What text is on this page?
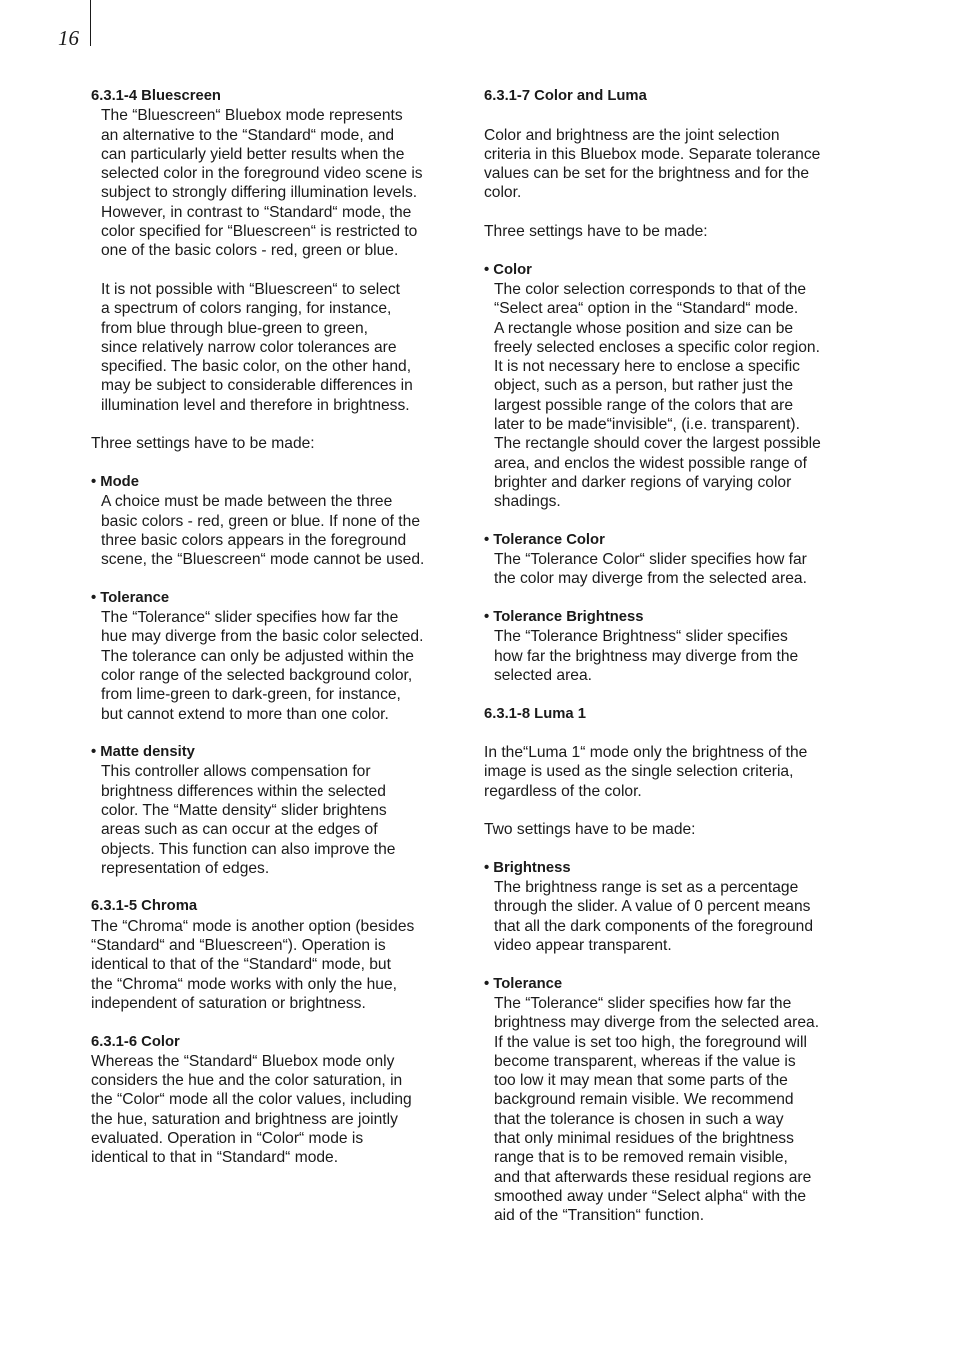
16
6.3.1-4 Bluescreen
The “Bluescreen“ Bluebox mode represents
an alternative to the “Standard“ mode, and
can particularly yield better results when the
selected color in the foreground video scene is
subject to strongly differing illumination levels.
However, in contrast to “Standard“ mode, the
color specified for “Bluescreen“ is restricted to
one of the basic colors - red, green or blue.
It is not possible with “Bluescreen“ to select
a spectrum of colors ranging, for instance,
from blue through blue-green to green,
since relatively narrow color tolerances are
specified. The basic color, on the other hand,
may be subject to considerable differences in
illumination level and therefore in brightness.

Three settings have to be made:

• Mode
A choice must be made between the three
basic colors - red, green or blue. If none of the
three basic colors appears in the foreground
scene, the “Bluescreen“ mode cannot be used.
• Tolerance
The “Tolerance“ slider specifies how far the
hue may diverge from the basic color selected.
The tolerance can only be adjusted within the
color range of the selected background color,
from lime-green to dark-green, for instance,
but cannot extend to more than one color.
• Matte density
This controller allows compensation for
brightness differences within the selected
color. The “Matte density“ slider brightens
areas such as can occur at the edges of
objects. This function can also improve the
representation of edges.
6.3.1-5 Chroma
The “Chroma“ mode is another option (besides
“Standard“ and “Bluescreen“). Operation is
identical to that of the “Standard“ mode, but
the “Chroma“ mode works with only the hue,
independent of saturation or brightness.
6.3.1-6 Color
Whereas the “Standard“ Bluebox mode only
considers the hue and the color saturation, in
the “Color“ mode all the color values, including
the hue, saturation and brightness are jointly
evaluated. Operation in “Color“ mode is
identical to that in “Standard“ mode.
6.3.1-7 Color and Luma
Color and brightness are the joint selection
criteria in this Bluebox mode. Separate tolerance
values can be set for the brightness and for the
color.

Three settings have to be made:

• Color
The color selection corresponds to that of the
“Select area“ option in the “Standard“ mode.
A rectangle whose position and size can be
freely selected encloses a specific color region.
It is not necessary here to enclose a specific
object, such as a person, but rather just the
largest possible range of the colors that are
later to be made“invisible“, (i.e. transparent).
The rectangle should cover the largest possible
area, and enclos the widest possible range of
brighter and darker regions of varying color
shadings.
• Tolerance Color
The “Tolerance Color“ slider specifies how far
the color may diverge from the selected area.
• Tolerance Brightness
The “Tolerance Brightness“ slider specifies
how far the brightness may diverge from the
selected area.
6.3.1-8 Luma 1
In the“Luma 1“ mode only the brightness of the
image is used as the single selection criteria,
regardless of the color.

Two settings have to be made:

• Brightness
The brightness range is set as a percentage
through the slider. A value of 0 percent means
that all the dark components of the foreground
video appear transparent.
• Tolerance
The “Tolerance“ slider specifies how far the
brightness may diverge from the selected area.
If the value is set too high, the foreground will
become transparent, whereas if the value is
too low it may mean that some parts of the
background remain visible. We recommend
that the tolerance is chosen in such a way
that only minimal residues of the brightness
range that is to be removed remain visible,
and that afterwards these residual regions are
smoothed away under “Select alpha“ with the
aid of the “Transition“ function.
